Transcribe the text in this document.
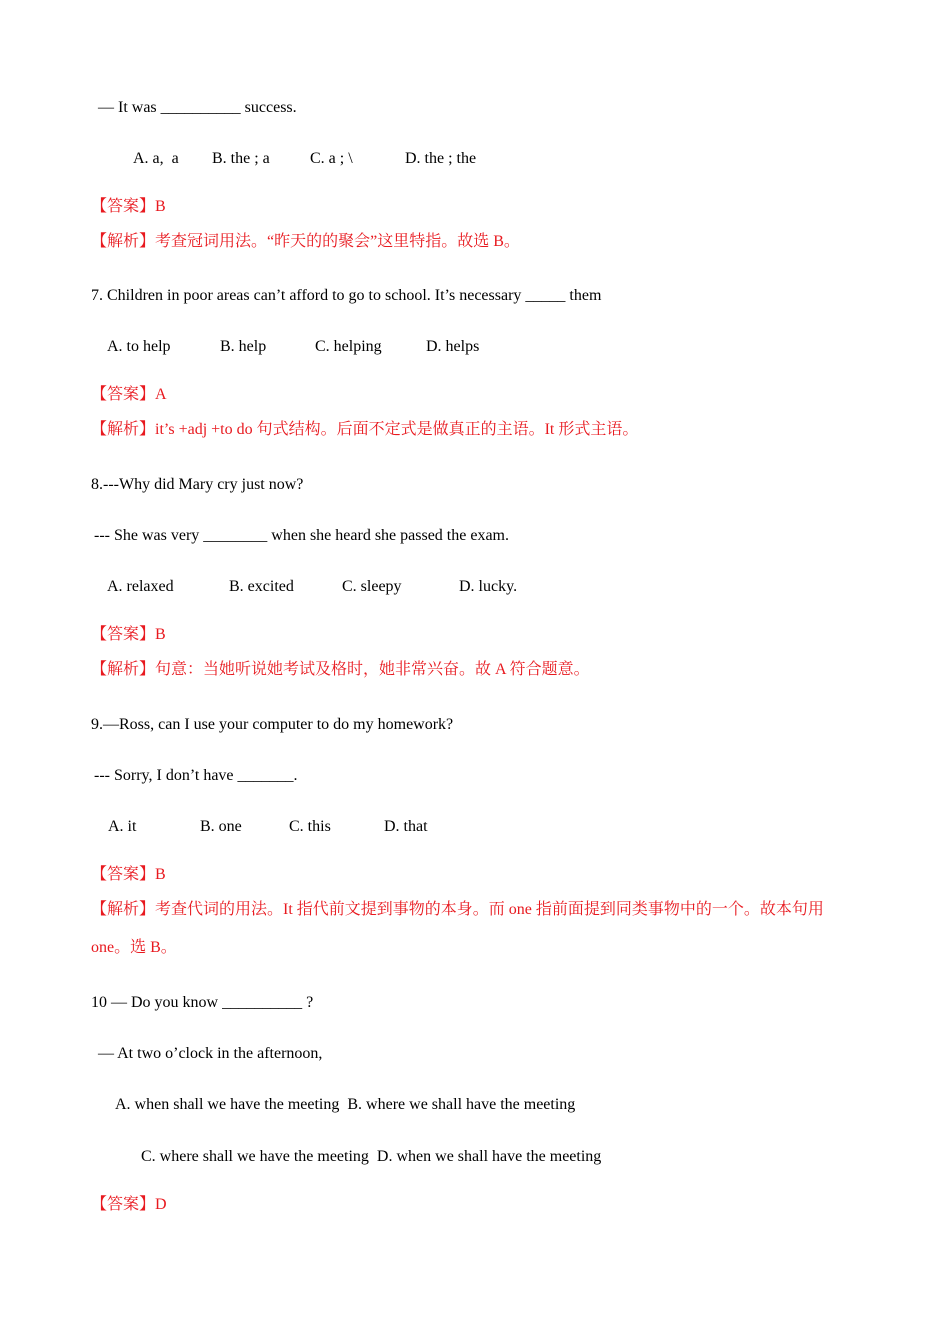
— It was __________ success.
A. a,  a B. the ; a	C. a ; \	D. the ; the
【答案】B
【解析】考查冠词用法。“昨天的的聚会”这里特指。故选 B。
7. Children in poor areas can’t afford to go to school. It’s necessary _____ them
A. to help	B. help	C. helping	D. helps
【答案】A
【解析】it’s +adj +to do 句式结构。后面不定式是做真正的主语。It 形式主语。
8.---Why did Mary cry just now?
--- She was very ________ when she heard she passed the exam.
A. relaxed	B. excited	C. sleepy	D. lucky.
【答案】B
【解析】句意：当她听说她考试及格时，她非常兴奋。故 A 符合题意。
9.—Ross, can I use your computer to do my homework?
--- Sorry, I don’t have _______.
A. it	B. one	C. this	D. that
【答案】B
【解析】考查代词的用法。It 指代前文提到事物的本身。而 one 指前面提到同类事物中的一个。故本句用
one。选 B。
10 — Do you know __________ ?
— At two o’clock in the afternoon,
A. when shall we have the meeting  B. where we shall have the meeting
C. where shall we have the meeting  D. when we shall have the meeting
【答案】D
